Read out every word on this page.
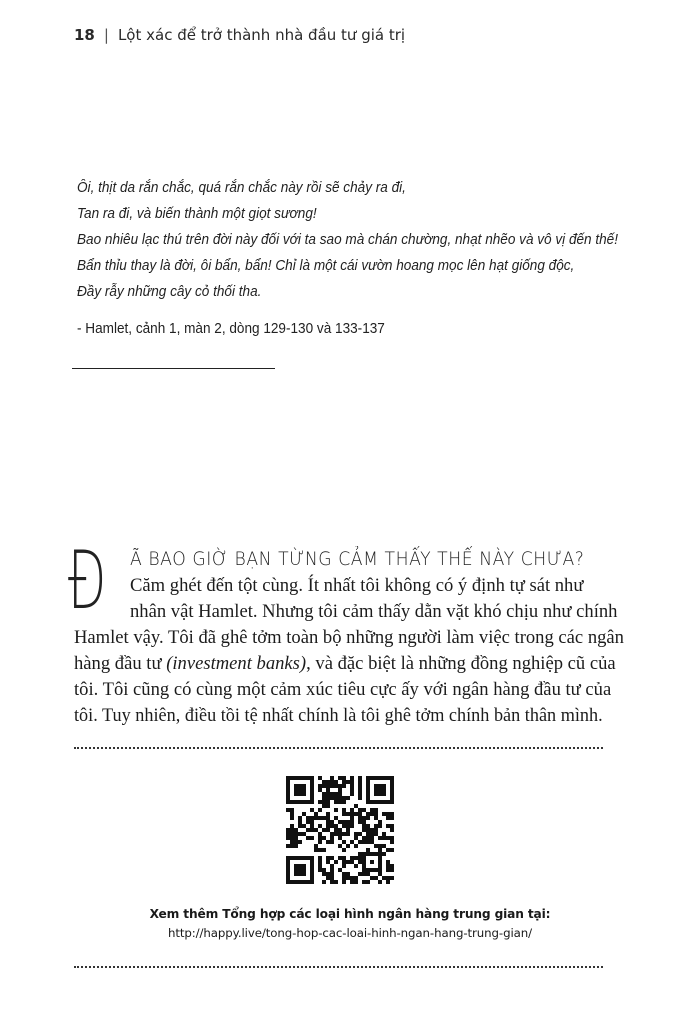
18 | Lột xác để trở thành nhà đầu tư giá trị
Ôi, thịt da rắn chắc, quá rắn chắc này rồi sẽ chảy ra đi,
Tan ra đi, và biến thành một giọt sương!
Bao nhiêu lạc thú trên đời này đối với ta sao mà chán chường, nhạt nhẽo và vô vị đến thế!
Bẩn thỉu thay là đời, ôi bẩn, bẩn! Chỉ là một cái vườn hoang mọc lên hạt giống độc,
Đầy rẫy những cây cỏ thối tha.
- Hamlet, cảnh 1, màn 2, dòng 129-130 và 133-137
Đ Ã BAO GIỜ BẠN TỪNG CẢM THẤY THẾ NÀY CHƯA?
Căm ghét đến tột cùng. Ít nhất tôi không có ý định tự sát như
nhân vật Hamlet. Nhưng tôi cảm thấy dằn vặt khó chịu như chính
Hamlet vậy. Tôi đã ghê tởm toàn bộ những người làm việc trong các ngân
hàng đầu tư (investment banks), và đặc biệt là những đồng nghiệp cũ của
tôi. Tôi cũng có cùng một cảm xúc tiêu cực ấy với ngân hàng đầu tư của
tôi. Tuy nhiên, điều tồi tệ nhất chính là tôi ghê tởm chính bản thân mình.
Xem thêm Tổng hợp các loại hình ngân hàng trung gian tại:
http://happy.live/tong-hop-cac-loai-hinh-ngan-hang-trung-gian/
